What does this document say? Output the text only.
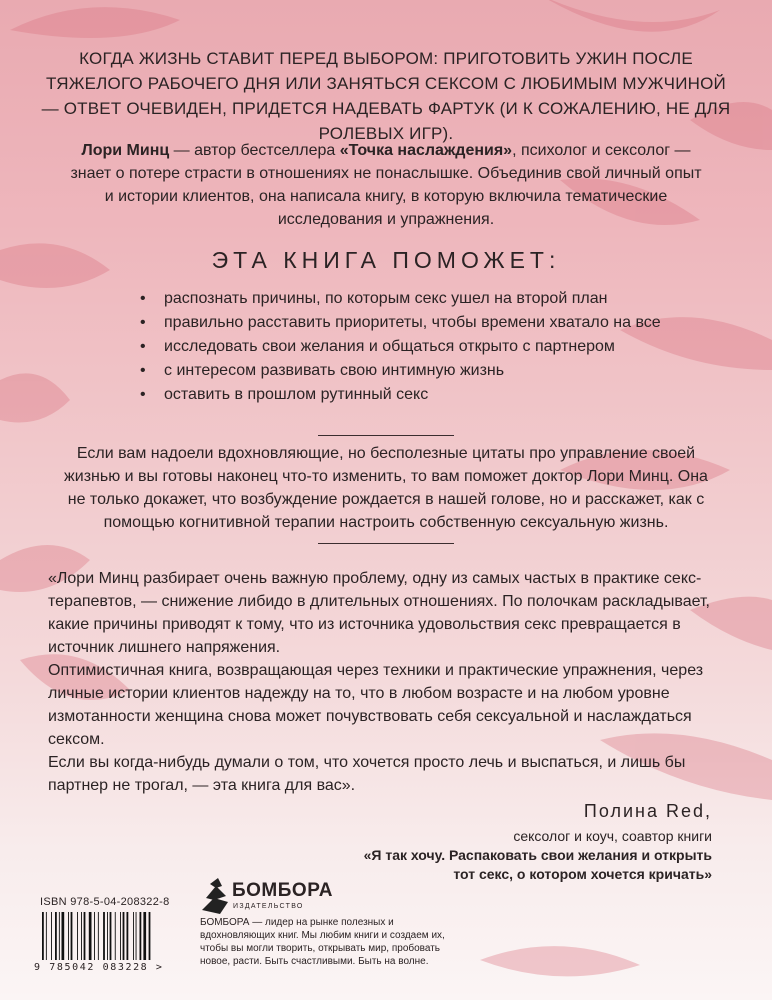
КОГДА ЖИЗНЬ СТАВИТ ПЕРЕД ВЫБОРОМ: ПРИГОТОВИТЬ УЖИН ПОСЛЕ ТЯЖЕЛОГО РАБОЧЕГО ДНЯ ИЛИ ЗАНЯТЬСЯ СЕКСОМ С ЛЮБИМЫМ МУЖЧИНОЙ — ОТВЕТ ОЧЕВИДЕН, ПРИДЕТСЯ НАДЕВАТЬ ФАРТУК (И К СОЖАЛЕНИЮ, НЕ ДЛЯ РОЛЕВЫХ ИГР).
Лори Минц — автор бестселлера «Точка наслаждения», психолог и сексолог — знает о потере страсти в отношениях не понаслышке. Объединив свой личный опыт и истории клиентов, она написала книгу, в которую включила тематические исследования и упражнения.
ЭТА КНИГА ПОМОЖЕТ:
• распознать причины, по которым секс ушел на второй план
• правильно расставить приоритеты, чтобы времени хватало на все
• исследовать свои желания и общаться открыто с партнером
• с интересом развивать свою интимную жизнь
• оставить в прошлом рутинный секс
Если вам надоели вдохновляющие, но бесполезные цитаты про управление своей жизнью и вы готовы наконец что-то изменить, то вам поможет доктор Лори Минц. Она не только докажет, что возбуждение рождается в нашей голове, но и расскажет, как с помощью когнитивной терапии настроить собственную сексуальную жизнь.

«Лори Минц разбирает очень важную проблему, одну из самых частых в практике секс-терапевтов, — снижение либидо в длительных отношениях. По полочкам раскладывает, какие причины приводят к тому, что из источника удовольствия секс превращается в источник лишнего напряжения.

Оптимистичная книга, возвращающая через техники и практические упражнения, через личные истории клиентов надежду на то, что в любом возрасте и на любом уровне измотанности женщина снова может почувствовать себя сексуальной и наслаждаться сексом.

Если вы когда-нибудь думали о том, что хочется просто лечь и выспаться, и лишь бы партнер не трогал, — эта книга для вас».

Полина Red,
сексолог и коуч, соавтор книги
«Я так хочу. Распаковать свои желания и открыть
тот секс, о котором хочется кричать»
ISBN 978-5-04-208322-8
9 785042 083228 >
БОМБОРА
ИЗДАТЕЛЬСТВО
БОМБОРА — лидер на рынке полезных и вдохновляющих книг. Мы любим книги и создаем их, чтобы вы могли творить, открывать мир, пробовать новое, расти. Быть счастливыми. Быть на волне.
